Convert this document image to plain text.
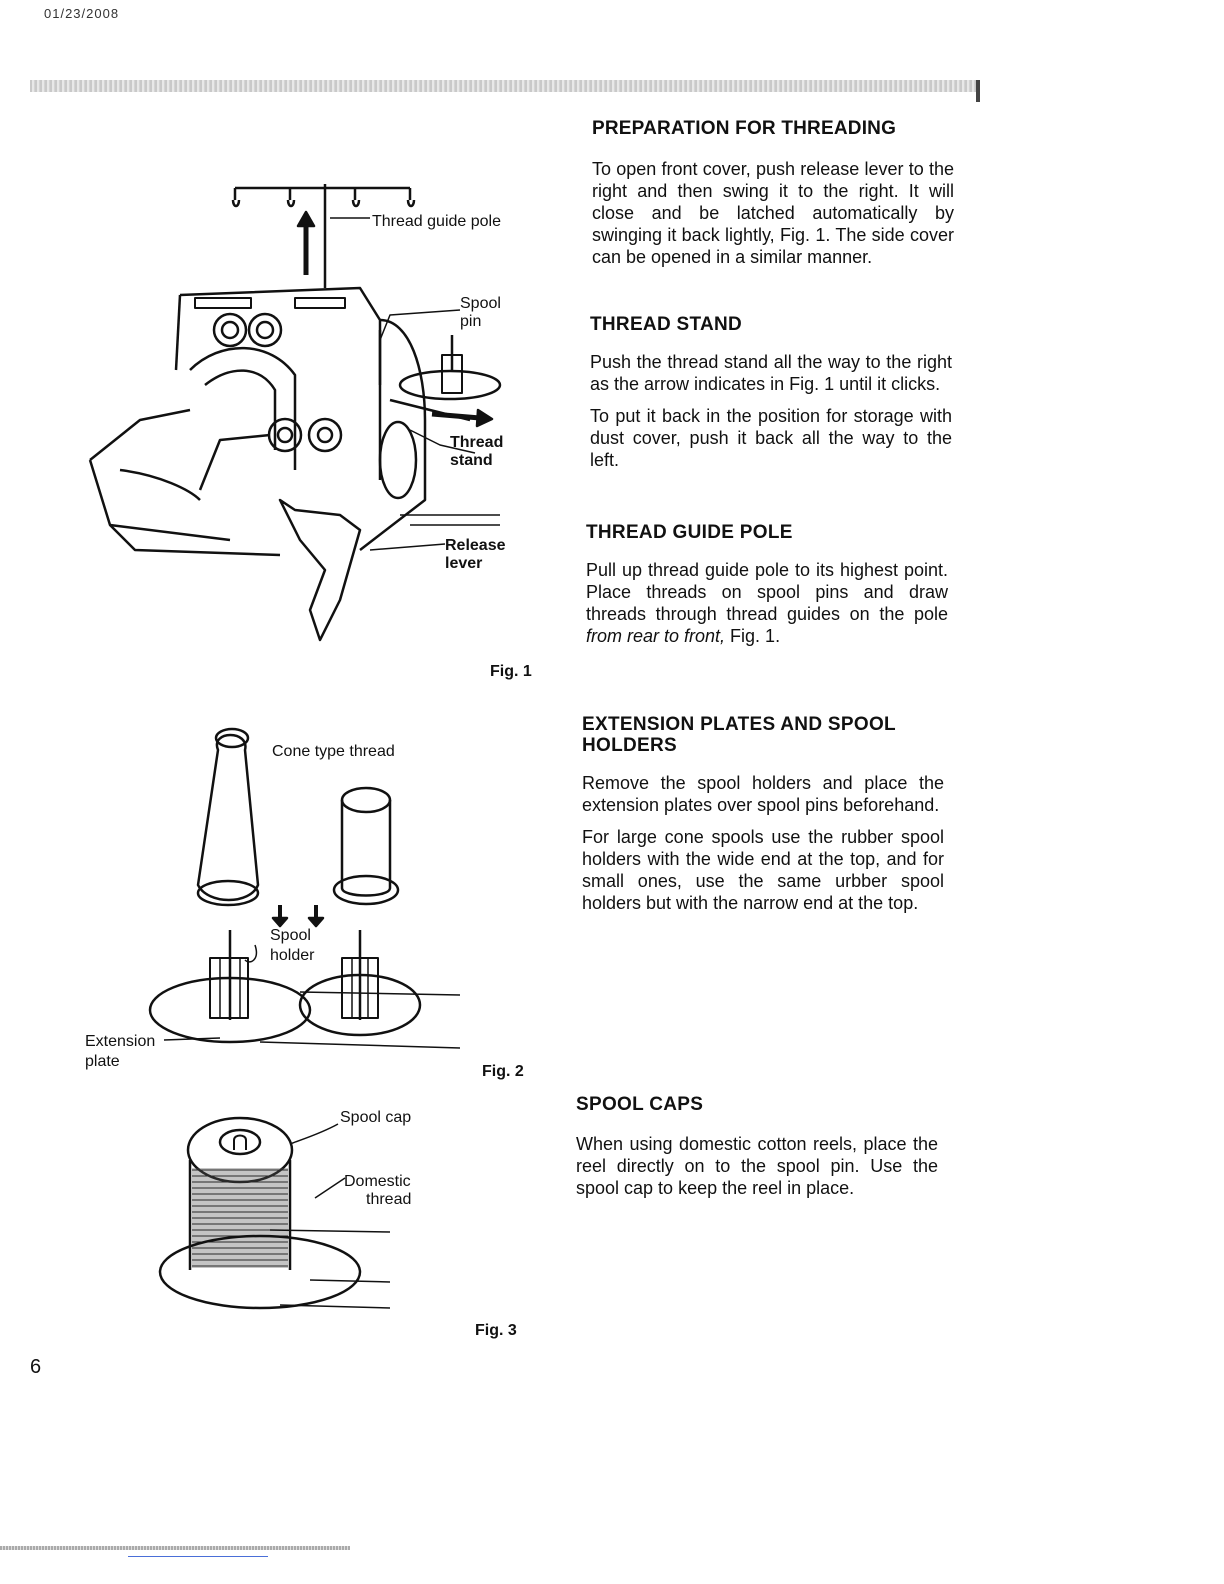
01/23/2008
Thread guide pole
Spool
pin
Thread
stand
Release
lever
Fig. 1
Cone type thread
Spool
holder
Extension
plate
Fig. 2
Spool cap
Domestic
thread
Fig. 3
PREPARATION FOR THREADING

To open front cover, push release lever to the right and then swing it to the right. It will close and be latched automatically by swinging it back lightly, Fig. 1. The side cover can be opened in a similar manner.

THREAD STAND

Push the thread stand all the way to the right as the arrow indicates in Fig. 1 until it clicks.

To put it back in the position for storage with dust cover, push it back all the way to the left.

THREAD GUIDE POLE

Pull up thread guide pole to its highest point. Place threads on spool pins and draw threads through thread guides on the pole from rear to front, Fig. 1.

EXTENSION PLATES AND SPOOL HOLDERS

Remove the spool holders and place the extension plates over spool pins beforehand.

For large cone spools use the rubber spool holders with the wide end at the top, and for small ones, use the same urbber spool holders but with the narrow end at the top.

SPOOL CAPS

When using domestic cotton reels, place the reel directly on to the spool pin. Use the spool cap to keep the reel in place.

6
